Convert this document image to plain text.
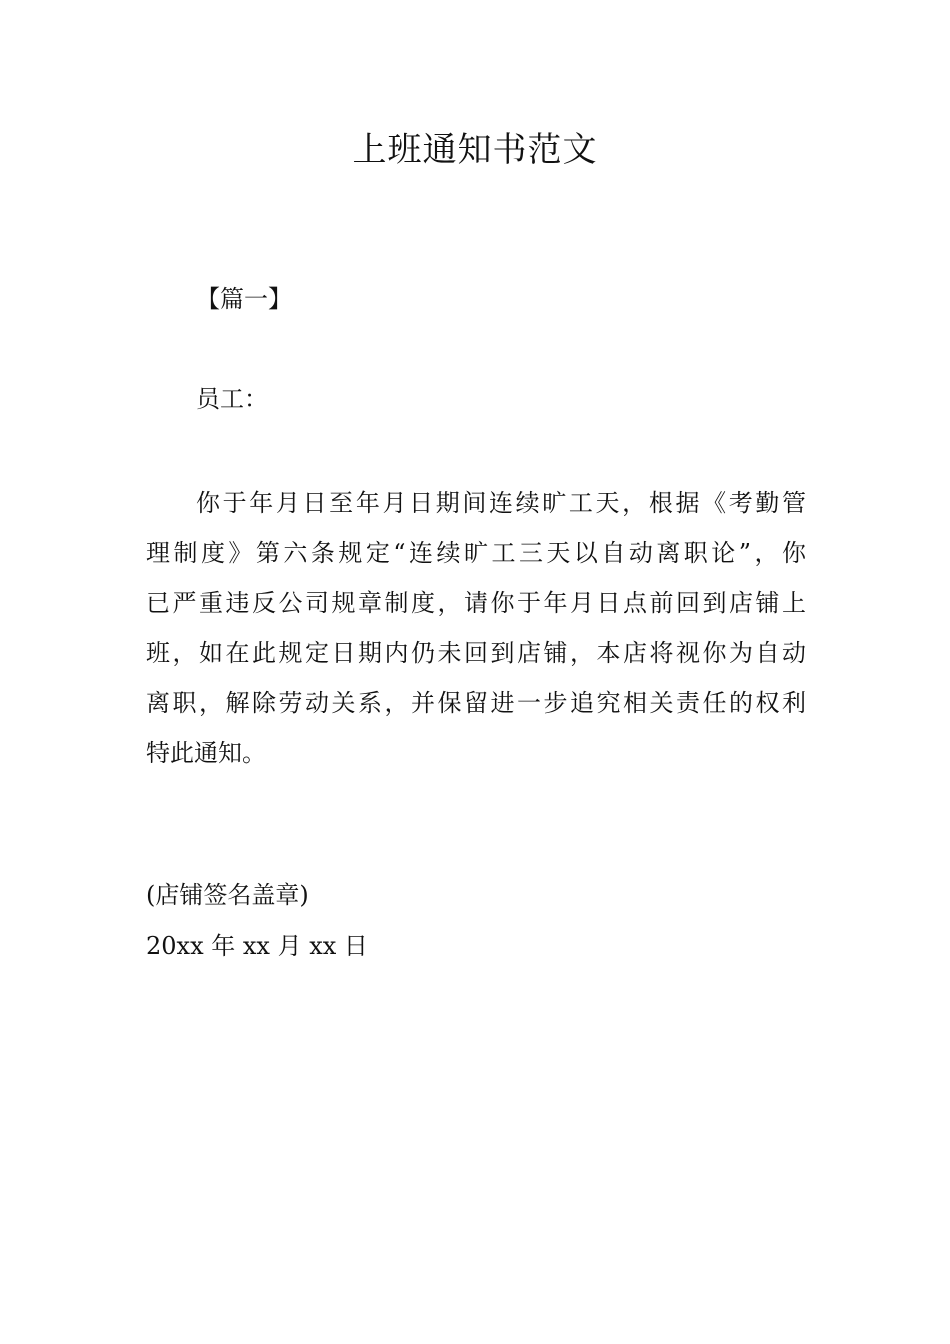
上班通知书范文
【篇一】
员工：
你于年月日至年月日期间连续旷工天，根据《考勤管
理制度》第六条规定“连续旷工三天以自动离职论”，你
已严重违反公司规章制度，请你于年月日点前回到店铺上
班，如在此规定日期内仍未回到店铺，本店将视你为自动
离职，解除劳动关系，并保留进一步追究相关责任的权利
特此通知。
(店铺签名盖章)
20xx 年 xx 月 xx 日
